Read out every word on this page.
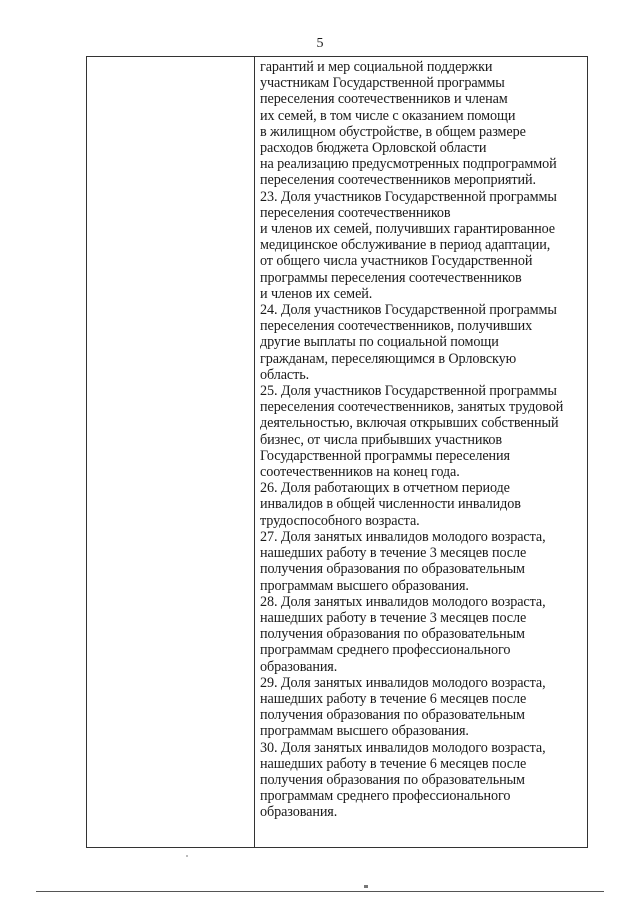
5
гарантий и мер социальной поддержки
участникам Государственной программы
переселения соотечественников и членам
их семей, в том числе с оказанием помощи
в жилищном обустройстве, в общем размере
расходов бюджета Орловской области
на реализацию предусмотренных подпрограммой
переселения соотечественников мероприятий.
23. Доля участников Государственной программы
переселения соотечественников
и членов их семей, получивших гарантированное
медицинское обслуживание в период адаптации,
от общего числа участников Государственной
программы переселения соотечественников
и членов их семей.
24. Доля участников Государственной программы
переселения соотечественников, получивших
другие выплаты по социальной помощи
гражданам, переселяющимся в Орловскую
область.
25. Доля участников Государственной программы
переселения соотечественников, занятых трудовой
деятельностью, включая открывших собственный
бизнес, от числа прибывших участников
Государственной программы переселения
соотечественников на конец года.
26. Доля работающих в отчетном периоде
инвалидов в общей численности инвалидов
трудоспособного возраста.
27. Доля занятых инвалидов молодого возраста,
нашедших работу в течение 3 месяцев после
получения образования по образовательным
программам высшего образования.
28. Доля занятых инвалидов молодого возраста,
нашедших работу в течение 3 месяцев после
получения образования по образовательным
программам среднего профессионального
образования.
29. Доля занятых инвалидов молодого возраста,
нашедших работу в течение 6 месяцев после
получения образования по образовательным
программам высшего образования.
30. Доля занятых инвалидов молодого возраста,
нашедших работу в течение 6 месяцев после
получения образования по образовательным
программам среднего профессионального
образования.
